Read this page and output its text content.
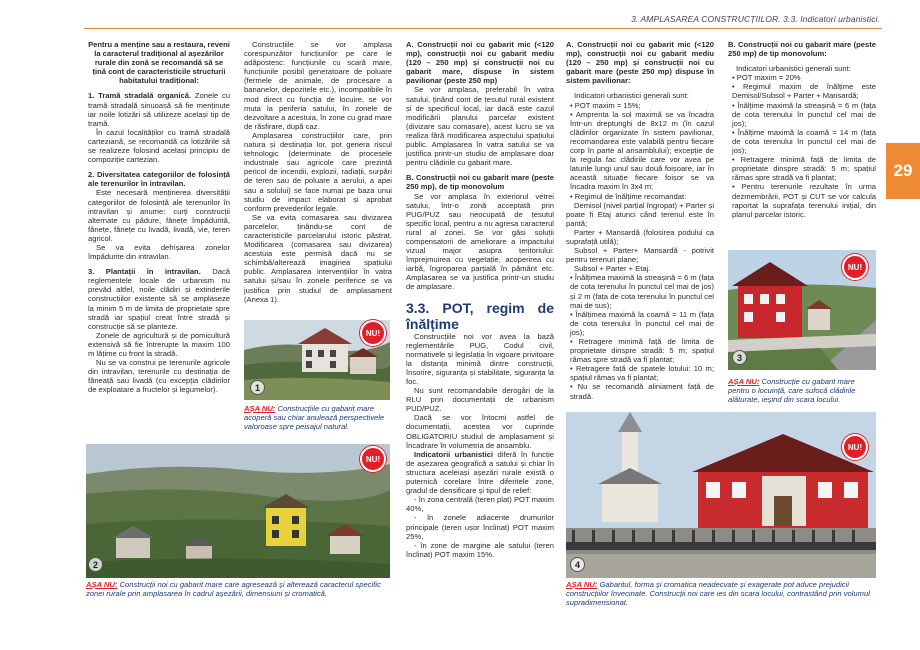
3. AMPLASAREA CONSTRUCȚIILOR. 3.3. Indicatori urbanistici.
29

Pentru a menține sau a restaura, reveni la caracterul tradițional al așezărilor rurale din zonă se recomandă să se țină cont de caracteristicile structurii habitatului tradițional:

1. Tramă stradală organică. Zonele cu tramă stradală sinuoasă să fie menținute iar noile lotizări să utilizeze același tip de tramă.

În cazul localităților cu tramă stradală carteziană, se recomandă ca lotizările să se realizeze folosind același principiu de compoziție cartezian.

2. Diversitatea categoriilor de folosință ale terenurilor în intravilan.

Este necesară menținerea diversității categoriilor de folosință ale terenurilor în intravilan și anume: curți construcții alternate cu pădure, fânețe împădurită, fânețe, fânețe cu livadă, livadă, vie, teren agricol.

Se va evita defrișarea zonelor împădurite din intravilan.

3. Plantații în intravilan. Dacă reglementele locale de urbanism nu prevăd altfel, noile clădiri și extinderile construcțiilor existente să se amplaseze la minim 5 m de limita de proprietate spre stradă iar spațiul creat între stradă și construcție să se planteze.

Zonele de agricultură și de pomicultură extensivă să fie întrerupte la maxim 100 m lățime cu front la stradă.

Nu se va construi pe terenurile agricole din intravilan, terenurile cu destinația de fâneață sau livadă (cu excepția clădirilor de exploatare a fructelor și legumelor).

Construcțiile se vor amplasa corespunzător funcțiunilor pe care le adăpostesc: funcțiunile cu scară mare, funcțiunile posibil generatoare de poluare (fermele de animale, de procesare a bananelor, depozitele etc.), incompatibile în mod direct cu funcția de locuire, se vor muta la periferia satului, în zonele de dezvoltare a acestuia, în zone cu grad mare de răsfirare, după caz.

Amplasarea construcțiilor care, prin natura și destinația lor, pot genera riscul tehnologic (determinate de procesele industriale sau agricole care prezintă pericol de incendii, explozii, radiații, surpări de teren sau de poluare a aerului, a apei sau a solului) se face numai pe baza unui studiu de impact elaborat și aprobat conform prevederilor legale.

Se va evita comasarea sau divizarea parcelelor, ținându-se cont de caracteristicile parcelarului istoric păstrat. Modificarea (comasarea sau divizarea) acestuia este permisă dacă nu se schimbă/alterează imaginea spațiului public. Amplasarea intervențiilor în vatra satului și/sau în zonele periferice se va justifica prin studiul de amplasament (Anexa 1).

1
NU!
AȘA NU: Construcțiile cu gabarit mare acoperă sau chiar anulează perspectivele valoroase spre peisajul natural.
2
NU!
AȘA NU: Construcții noi cu gabarit mare care agresează și alterează caracterul specific zonei rurale prin amplasarea în cadrul așezării, dimensiuni și cromatică.

A. Construcții noi cu gabarit mic (<120 mp), construcții noi cu gabarit mediu (120 – 250 mp) și construcții noi cu gabarit mare, dispuse în sistem pavilionar (peste 250 mp)

Se vor amplasa, preferabil în vatra satului, ținând cont de țesutul rural existent și de specificul local, iar dacă este cazul modificării planului parcelar existent (divizare sau comasare), acest lucru se va realiza fără modificarea aspectului spațiului public. Amplasarea în vatra satului se va justifica printr-un studiu de amplasare doar pentru clădirile cu gabarit mare.

B. Construcții noi cu gabarit mare (peste 250 mp), de tip monovolum

Se vor amplasa în exteriorul vetrei satului, într-o zonă acceptată prin PUG/PUZ sau neocupată de țesutul specific local, pentru a nu agresa caracterul rural al zonei. Se vor găsi soluții compensatorii de ameliorare a impactului vizual major asupra teritoriului: împrejmuirea cu vegetație, acoperirea cu iarbă, îngroparea parțială în pământ etc. Amplasarea se va justifica printr-un studiu de amplasare.

3.3. POT, regim de înălțime

Construcțiile noi vor avea la bază reglementările PUG, Codul civil, normativele și legislația în vigoare privitoare la distanța minimă dintre construcții, însorire, siguranța și stabilitate, siguranța la foc.

Nu sunt recomandabile derogări de la RLU prin documentații de urbanism PUD/PUZ.

Dacă se vor întocmi astfel de documentații, acestea vor cuprinde OBLIGATORIU studiul de amplasament și încadrare în volumetria de ansamblu.

Indicatorii urbanistici diferă în funcție de așezarea geografică a satului și chiar în structura aceleiași așezări rurale există o puternică corelare între diferitele zone, gradul de densificare și tipul de relief:

- în zona centrală (teren plat) POT maxim 40%,

- în zonele adiacente drumurilor principale (teren ușor înclinat) POT maxim 25%,

- în zone de margine ale satului (teren înclinat) POT maxim 15%.

A. Construcții noi cu gabarit mic (<120 mp), construcții noi cu gabarit mediu (120 – 250 mp) și construcții noi cu gabarit mare (peste 250 mp) dispuse în sistem pavilionar:

Indicatori urbanistici generali sunt:

• POT maxim = 15%;

• Amprenta la sol maximă se va încadra într-un dreptunghi de 8x12 m (în cazul clădirilor organizate în sistem pavilionar, recomandarea este valabilă pentru fiecare corp în parte al ansamblului); excepție de la regula fac clădirile care vor avea pe laturile lungi unul sau două foișoare, iar în această situație fiecare foișor se va încadra maxim în 3x4 m;

• Regimul de înălțime recomandat:

Demisol (nivel parțial îngropat) + Parter și poate fi Etaj atunci când terenul este în pantă;

Parter + Mansardă (folosirea podului ca suprafață utilă);

Subsol + Parter+ Mansardă - potrivit pentru terenuri plane;

Subsol + Parter + Etaj.

• Înălțimea maximă la streașină = 6 m (fața de cota terenului în punctul cel mai de jos) și 2 m (fața de cota terenului în punctul cel mai de sus);

• Înălțimea maximă la coamă = 11 m (fața de cota terenului în punctul cel mai de jos);

• Retragere minimă față de limita de proprietate dinspre stradă: 5 m; spațiul rămas spre stradă va fi plantat;

• Retragere față de spatele lotului: 10 m; spațiul rămas va fi plantat;

• Nu se recomandă aliniament față de stradă.

B. Construcții noi cu gabarit mare (peste 250 mp) de tip monovolum:

Indicatori urbanistici generali sunt:

• POT maxim = 20%

• Regimul maxim de înălțime este Demisol/Subsol + Parter + Mansardă;

• Înălțime maximă la streașină = 6 m (fața de cota terenului în punctul cel mai de jos);

• Înălțime maximă la coamă = 14 m (fața de cota terenului în punctul cel mai de jos);

• Retragere minimă față de limita de proprietate dinspre stradă: 5 m; spațiul rămas spre stradă va fi plantat;

• Pentru terenurile rezultate în urma dezmembrării, POT și CUT se vor calcula raportat la suprafața terenului inițial, din planul parcelar istoric.

3
NU!
AȘA NU: Construcție cu gabarit mare pentru o locuință, care sufocă clădirile alăturate, ieșind din scara locului.
4
NU!
AȘA NU: Gabaritul, forma și cromatica neadecvate și exagerate pot aduce prejudicii construcțiilor învecinate. Construcții noi care ies din scara locului, contrastând prin volumul supradimensionat.
